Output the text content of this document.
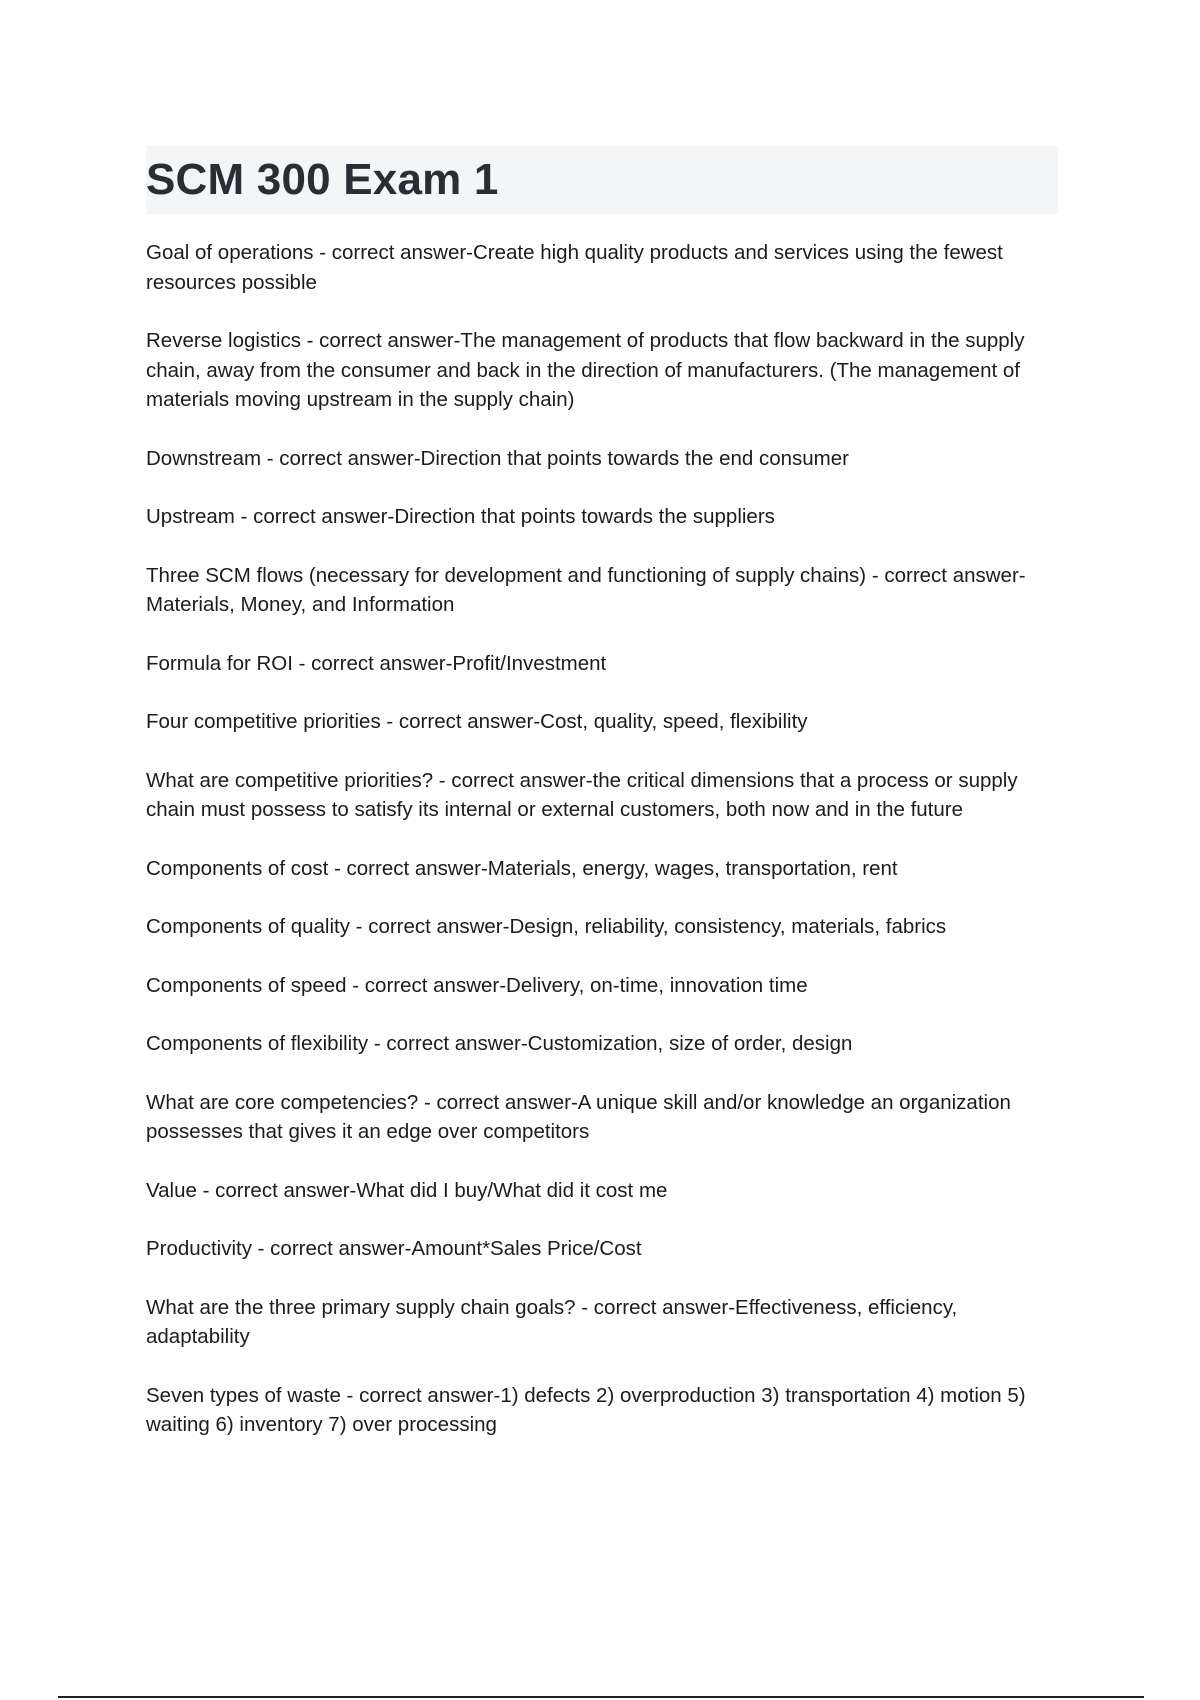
SCM 300 Exam 1
Goal of operations - correct answer-Create high quality products and services using the fewest resources possible
Reverse logistics - correct answer-The management of products that flow backward in the supply chain, away from the consumer and back in the direction of manufacturers. (The management of materials moving upstream in the supply chain)
Downstream - correct answer-Direction that points towards the end consumer
Upstream - correct answer-Direction that points towards the suppliers
Three SCM flows (necessary for development and functioning of supply chains) - correct answer-Materials, Money, and Information
Formula for ROI - correct answer-Profit/Investment
Four competitive priorities - correct answer-Cost, quality, speed, flexibility
What are competitive priorities? - correct answer-the critical dimensions that a process or supply chain must possess to satisfy its internal or external customers, both now and in the future
Components of cost - correct answer-Materials, energy, wages, transportation, rent
Components of quality - correct answer-Design, reliability, consistency, materials, fabrics
Components of speed - correct answer-Delivery, on-time, innovation time
Components of flexibility - correct answer-Customization, size of order, design
What are core competencies? - correct answer-A unique skill and/or knowledge an organization possesses that gives it an edge over competitors
Value - correct answer-What did I buy/What did it cost me
Productivity - correct answer-Amount*Sales Price/Cost
What are the three primary supply chain goals? - correct answer-Effectiveness, efficiency, adaptability
Seven types of waste - correct answer-1) defects 2) overproduction 3) transportation 4) motion 5) waiting 6) inventory 7) over processing
